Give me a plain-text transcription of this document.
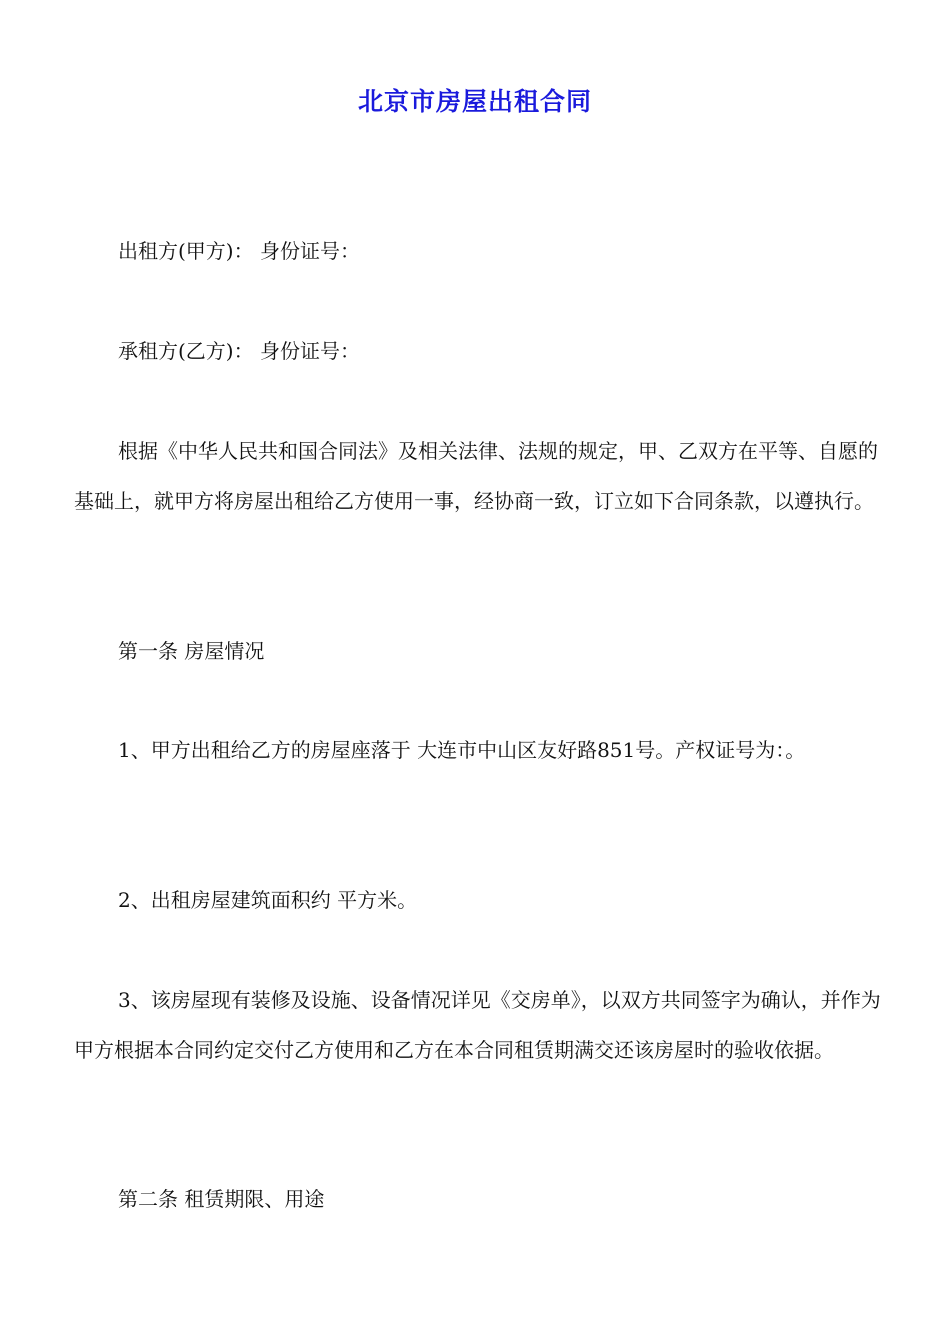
北京市房屋出租合同

出租方(甲方)： 身份证号：

承租方(乙方)： 身份证号：

根据《中华人民共和国合同法》及相关法律、法规的规定，甲、乙双方在平等、自愿的基础上，就甲方将房屋出租给乙方使用一事，经协商一致，订立如下合同条款，以遵执行。

第一条 房屋情况

1、甲方出租给乙方的房屋座落于 大连市中山区友好路851号。产权证号为：。

2、出租房屋建筑面积约 平方米。

3、该房屋现有装修及设施、设备情况详见《交房单》，以双方共同签字为确认，并作为甲方根据本合同约定交付乙方使用和乙方在本合同租赁期满交还该房屋时的验收依据。

第二条 租赁期限、用途
